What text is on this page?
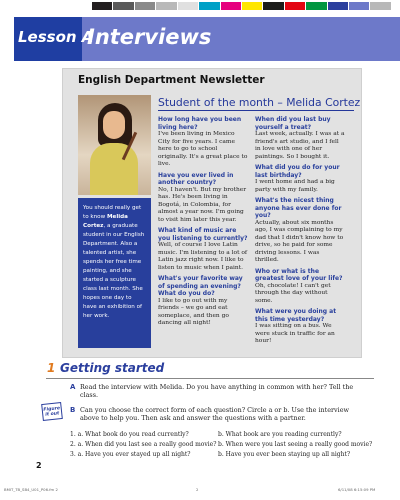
Lesson A
Interviews
English Department Newsletter

You should really get to know Melida Cortez, a graduate student in our English Department. Also a talented artist, she spends her free time painting, and she started a sculpture class last month. She hopes one day to have an exhibition of her work.

Student of the month – Melida Cortez
How long have you been living here?
I've been living in Mexico City for five years. I came here to go to school originally. It's a great place to live.
Have you ever lived in another country?
No, I haven't. But my brother has. He's been living in Bogotá, in Colombia, for almost a year now. I'm going to visit him later this year.
What kind of music are you listening to currently?
Well, of course I love Latin music. I'm listening to a lot of Latin jazz right now. I like to listen to music when I paint.
What's your favorite way of spending an evening? What do you do?
I like to go out with my friends – we go and eat someplace, and then go dancing all night!
When did you last buy yourself a treat?
Last week, actually. I was at a friend's art studio, and I fell in love with one of her paintings. So I bought it.
What did you do for your last birthday?
I went home and had a big party with my family.
What's the nicest thing anyone has ever done for you?
Actually, about six months ago, I was complaining to my dad that I didn't know how to drive, so he paid for some driving lessons. I was thrilled.
Who or what is the greatest love of your life?
Oh, chocolate! I can't get through the day without some.
What were you doing at this time yesterday?
I was sitting on a bus. We were stuck in traffic for an hour!
1 Getting started
A Read the interview with Melida. Do you have anything in common with her? Tell the class.
Figure
it out B Can you choose the correct form of each question? Circle a or b. Use the interview above to help you. Then ask and answer the questions with a partner.
1. a. What book do you read currently?	b. What book are you reading currently?
2. a. When did you last see a really good movie? b. When were you last seeing a really good movie?
3. a. Have you ever stayed up all night?	b. Have you ever been staying up all night?
2
BMIT_TB_SB4_U01_P06.fm 2	2	6/11/08 6:15:09 PM
